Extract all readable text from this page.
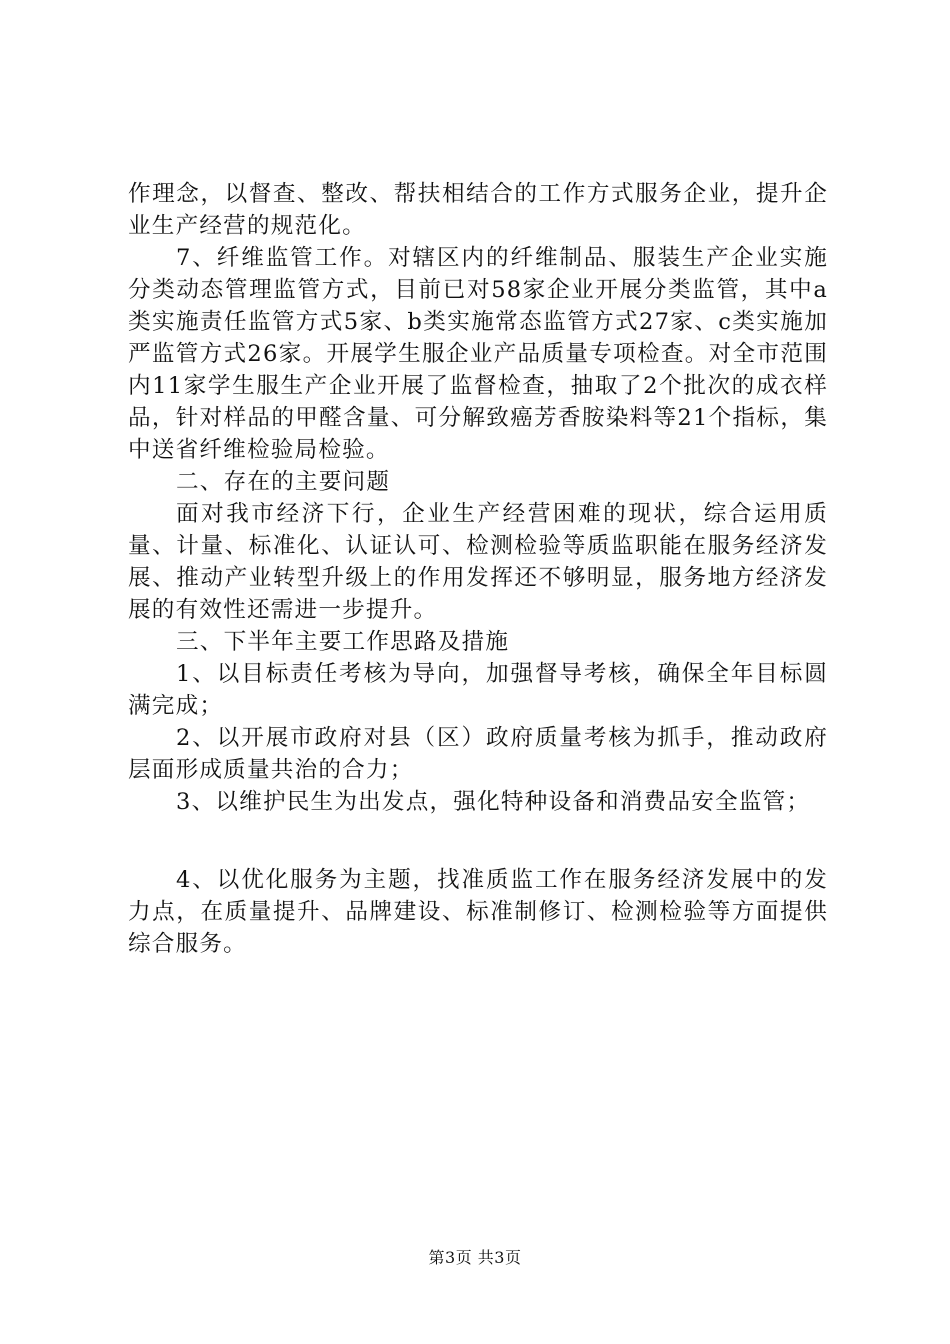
作理念，以督查、整改、帮扶相结合的工作方式服务企业，提升企业生产经营的规范化。

7、纤维监管工作。对辖区内的纤维制品、服装生产企业实施分类动态管理监管方式，目前已对58家企业开展分类监管，其中a类实施责任监管方式5家、b类实施常态监管方式27家、c类实施加严监管方式26家。开展学生服企业产品质量专项检查。对全市范围内11家学生服生产企业开展了监督检查，抽取了2个批次的成衣样品，针对样品的甲醛含量、可分解致癌芳香胺染料等21个指标，集中送省纤维检验局检验。

二、存在的主要问题

面对我市经济下行，企业生产经营困难的现状，综合运用质量、计量、标准化、认证认可、检测检验等质监职能在服务经济发展、推动产业转型升级上的作用发挥还不够明显，服务地方经济发展的有效性还需进一步提升。

三、下半年主要工作思路及措施

1、以目标责任考核为导向，加强督导考核，确保全年目标圆满完成；

2、以开展市政府对县（区）政府质量考核为抓手，推动政府层面形成质量共治的合力；

3、以维护民生为出发点，强化特种设备和消费品安全监管；

4、以优化服务为主题，找准质监工作在服务经济发展中的发力点，在质量提升、品牌建设、标准制修订、检测检验等方面提供综合服务。

第3页 共3页
